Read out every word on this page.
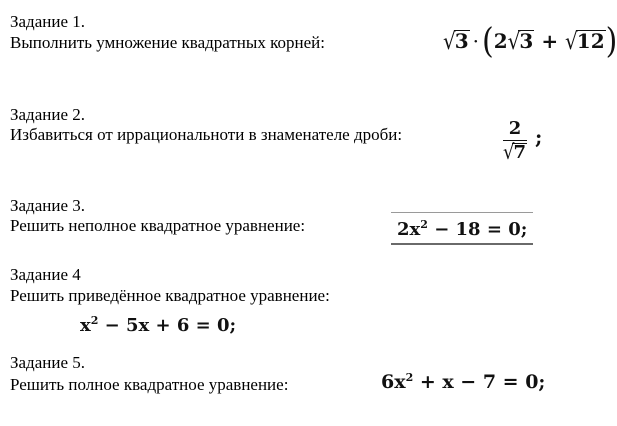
Задание 1.
Выполнить умножение квадратных корней:	√3 · (2√3 + √12)
Задание 2.
Избавиться от иррациональноти в знаменателе дроби:	$\frac{2}{√7}$ ;
Задание 3.
Решить неполное квадратное уравнение:	$2x^2 - 18 = 0$;
Задание 4
Решить приведённое квадратное уравнение:
$x^2 - 5x + 6 = 0$;
Задание 5.
Решить полное квадратное уравнение:	$6x^2 + x - 7 = 0$;
